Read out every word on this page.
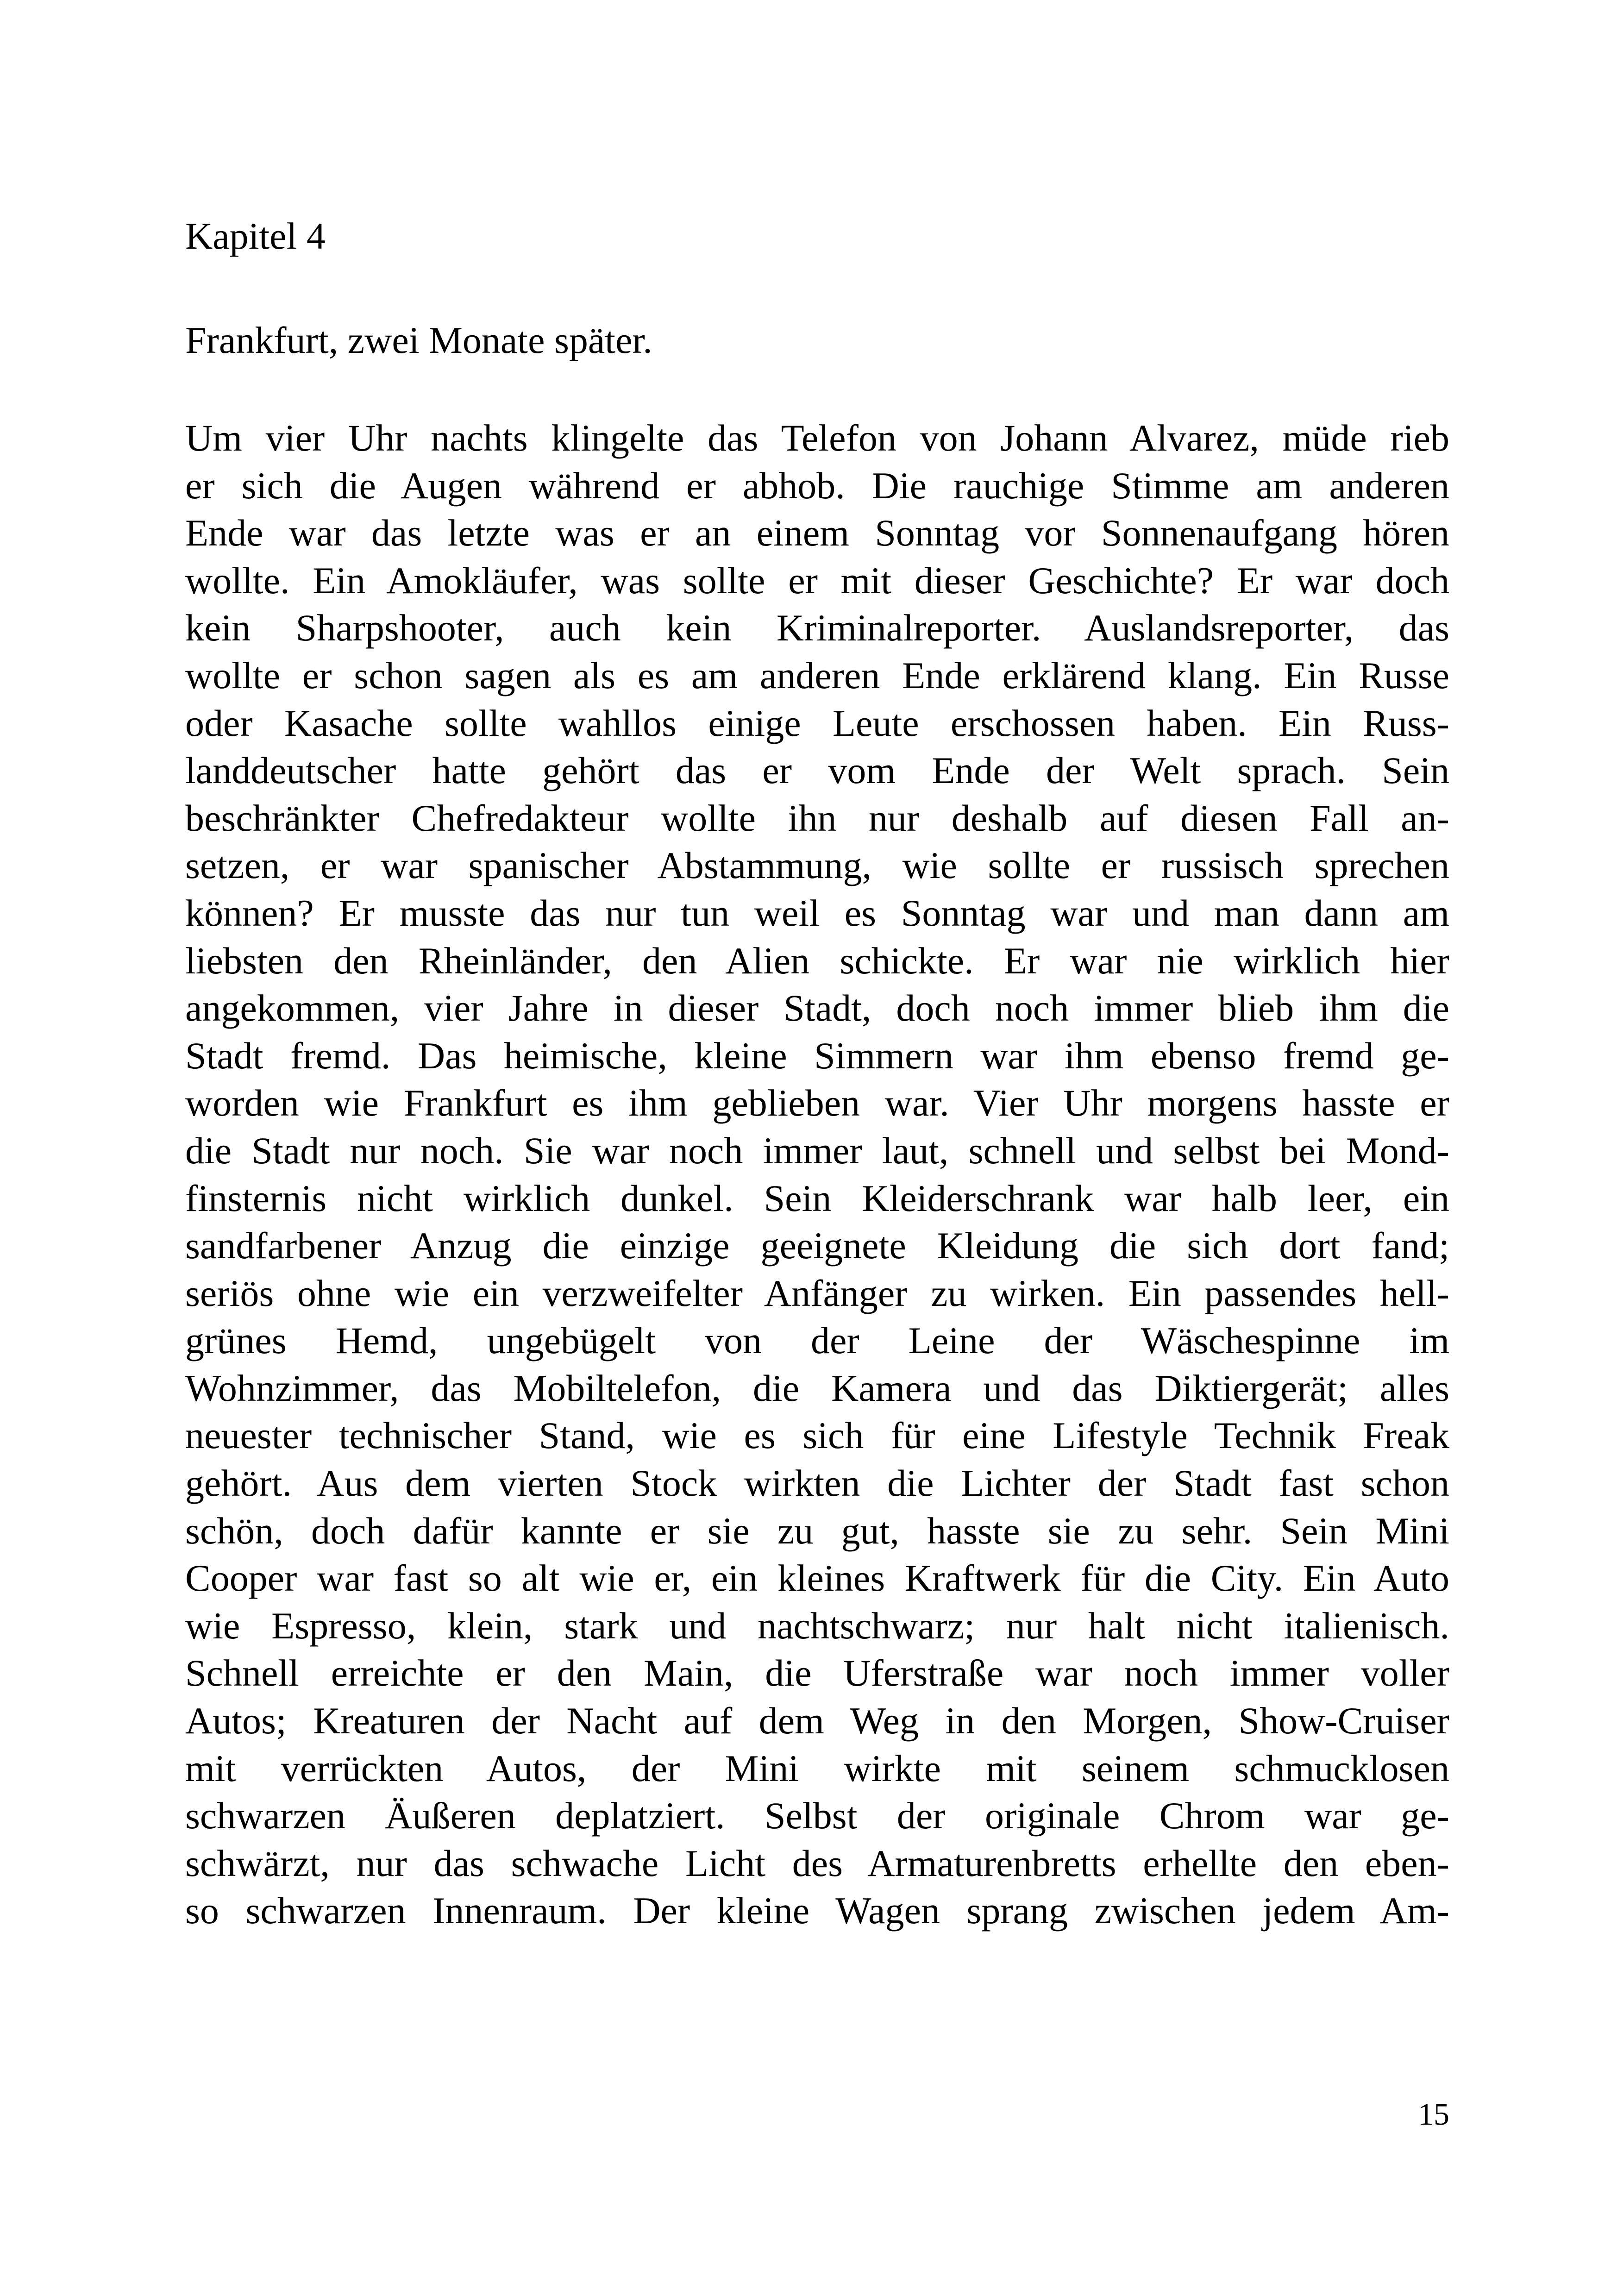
Kapitel 4

Frankfurt, zwei Monate später.

Um vier Uhr nachts klingelte das Telefon von Johann Alvarez, müde rieb
er sich die Augen während er abhob. Die rauchige Stimme am anderen
Ende war das letzte was er an einem Sonntag vor Sonnenaufgang hören
wollte. Ein Amokläufer, was sollte er mit dieser Geschichte? Er war doch
kein Sharpshooter, auch kein Kriminalreporter. Auslandsreporter, das
wollte er schon sagen als es am anderen Ende erklärend klang. Ein Russe
oder Kasache sollte wahllos einige Leute erschossen haben. Ein Russ-
landdeutscher hatte gehört das er vom Ende der Welt sprach. Sein
beschränkter Chefredakteur wollte ihn nur deshalb auf diesen Fall an-
setzen, er war spanischer Abstammung, wie sollte er russisch sprechen
können? Er musste das nur tun weil es Sonntag war und man dann am
liebsten den Rheinländer, den Alien schickte. Er war nie wirklich hier
angekommen, vier Jahre in dieser Stadt, doch noch immer blieb ihm die
Stadt fremd. Das heimische, kleine Simmern war ihm ebenso fremd ge-
worden wie Frankfurt es ihm geblieben war. Vier Uhr morgens hasste er
die Stadt nur noch. Sie war noch immer laut, schnell und selbst bei Mond-
finsternis nicht wirklich dunkel. Sein Kleiderschrank war halb leer, ein
sandfarbener Anzug die einzige geeignete Kleidung die sich dort fand;
seriös ohne wie ein verzweifelter Anfänger zu wirken. Ein passendes hell-
grünes Hemd, ungebügelt von der Leine der Wäschespinne im
Wohnzimmer, das Mobiltelefon, die Kamera und das Diktiergerät; alles
neuester technischer Stand, wie es sich für eine Lifestyle Technik Freak
gehört. Aus dem vierten Stock wirkten die Lichter der Stadt fast schon
schön, doch dafür kannte er sie zu gut, hasste sie zu sehr. Sein Mini
Cooper war fast so alt wie er, ein kleines Kraftwerk für die City. Ein Auto
wie Espresso, klein, stark und nachtschwarz; nur halt nicht italienisch.
Schnell erreichte er den Main, die Uferstraße war noch immer voller
Autos; Kreaturen der Nacht auf dem Weg in den Morgen, Show-Cruiser
mit verrückten Autos, der Mini wirkte mit seinem schmucklosen
schwarzen Äußeren deplatziert. Selbst der originale Chrom war ge-
schwärzt, nur das schwache Licht des Armaturenbretts erhellte den eben-
so schwarzen Innenraum. Der kleine Wagen sprang zwischen jedem Am-

15
